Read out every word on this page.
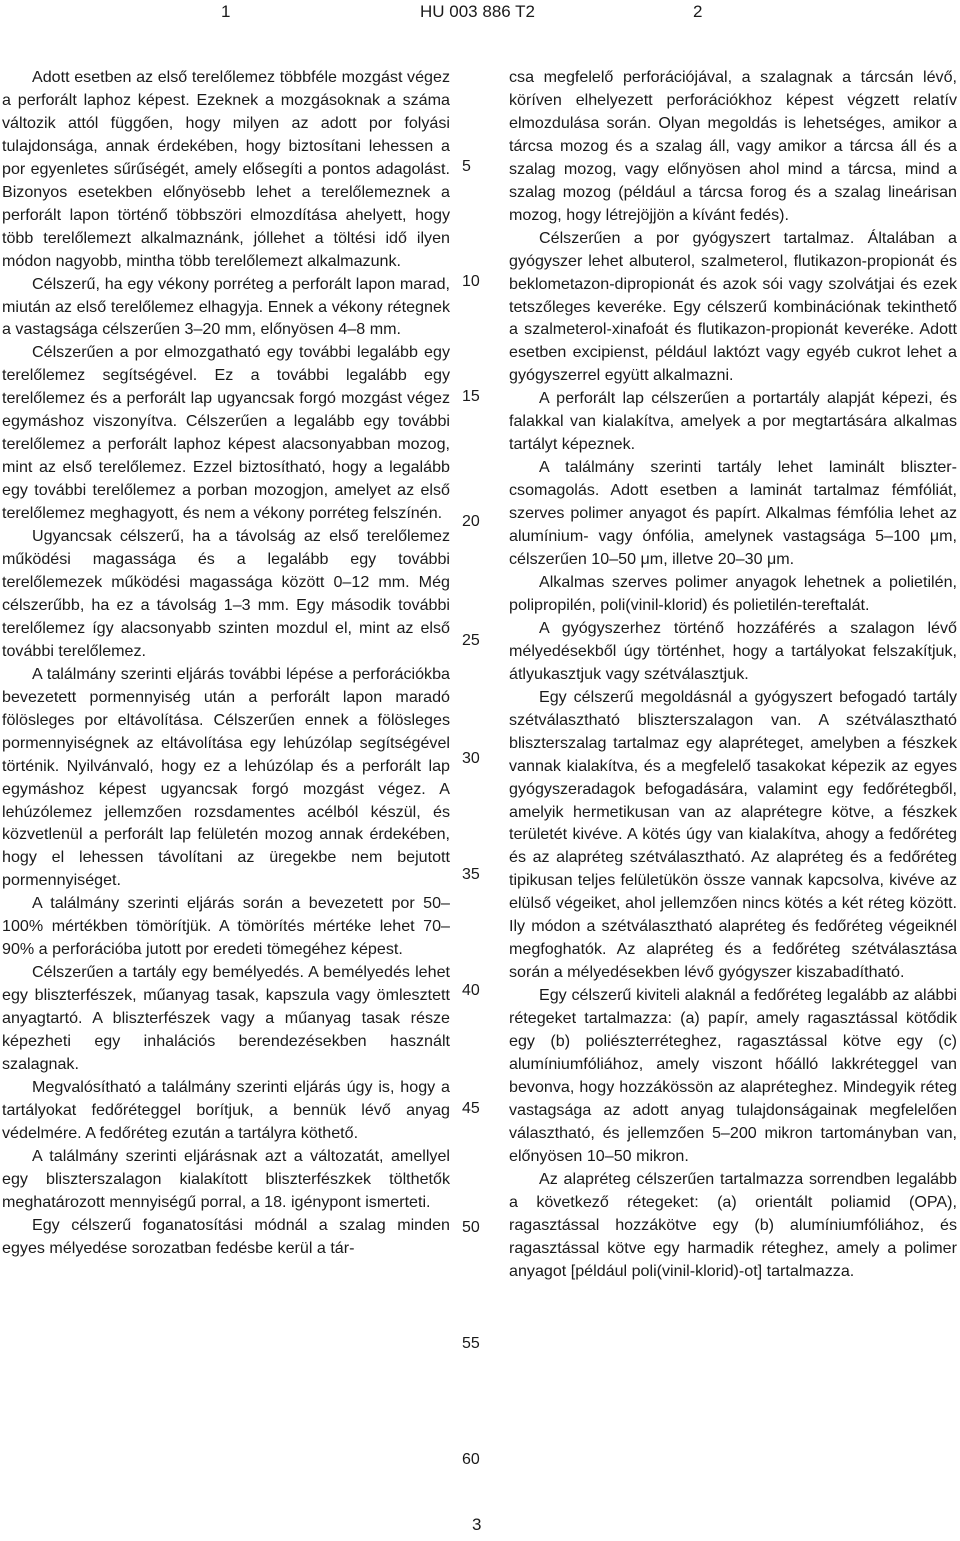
1	HU 003 886 T2	2

Adott esetben az első terelőlemez többféle mozgást végez a perforált laphoz képest. Ezeknek a mozgásoknak a száma változik attól függően, hogy milyen az adott por folyási tulajdonsága, annak érdekében, hogy biztosítani lehessen a por egyenletes sűrűségét, amely elősegíti a pontos adagolást. Bizonyos esetekben előnyösebb lehet a terelőlemeznek a perforált lapon történő többszöri elmozdítása ahelyett, hogy több terelőlemezt alkalmaznánk, jóllehet a töltési idő ilyen módon nagyobb, mintha több terelőlemezt alkalmazunk.

Célszerű, ha egy vékony porréteg a perforált lapon marad, miután az első terelőlemez elhagyja. Ennek a vékony rétegnek a vastagsága célszerűen 3–20 mm, előnyösen 4–8 mm.

Célszerűen a por elmozgatható egy további legalább egy terelőlemez segítségével. Ez a további legalább egy terelőlemez és a perforált lap ugyancsak forgó mozgást végez egymáshoz viszonyítva. Célszerűen a legalább egy további terelőlemez a perforált laphoz képest alacsonyabban mozog, mint az első terelőlemez. Ezzel biztosítható, hogy a legalább egy további terelőlemez a porban mozogjon, amelyet az első terelőlemez meghagyott, és nem a vékony porréteg felszínén.

Ugyancsak célszerű, ha a távolság az első terelőlemez működési magassága és a legalább egy további terelőlemezek működési magassága között 0–12 mm. Még célszerűbb, ha ez a távolság 1–3 mm. Egy második további terelőlemez így alacsonyabb szinten mozdul el, mint az első további terelőlemez.

A találmány szerinti eljárás további lépése a perforációkba bevezetett pormennyiség után a perforált lapon maradó fölösleges por eltávolítása. Célszerűen ennek a fölösleges pormennyiségnek az eltávolítása egy lehúzólap segítségével történik. Nyilvánvaló, hogy ez a lehúzólap és a perforált lap egymáshoz képest ugyancsak forgó mozgást végez. A lehúzólemez jellemzően rozsdamentes acélból készül, és közvetlenül a perforált lap felületén mozog annak érdekében, hogy el lehessen távolítani az üregekbe nem bejutott pormennyiséget.

A találmány szerinti eljárás során a bevezetett por 50–100% mértékben tömörítjük. A tömörítés mértéke lehet 70–90% a perforációba jutott por eredeti tömegéhez képest.

Célszerűen a tartály egy bemélyedés. A bemélyedés lehet egy bliszterfészek, műanyag tasak, kapszula vagy ömlesztett anyagtartó. A bliszterfészek vagy a műanyag tasak része képezheti egy inhalációs berendezésekben használt szalagnak.

Megvalósítható a találmány szerinti eljárás úgy is, hogy a tartályokat fedőréteggel borítjuk, a bennük lévő anyag védelmére. A fedőréteg ezután a tartályra köthető.

A találmány szerinti eljárásnak azt a változatát, amellyel egy bliszterszalagon kialakított bliszterfészkek tölthetők meghatározott mennyiségű porral, a 18. igénypont ismerteti.

Egy célszerű foganatosítási módnál a szalag minden egyes mélyedése sorozatban fedésbe kerül a tár-

5
10
15
20
25
30
35
40
45
50
55
60

csa megfelelő perforációjával, a szalagnak a tárcsán lévő, köríven elhelyezett perforációkhoz képest végzett relatív elmozdulása során. Olyan megoldás is lehetséges, amikor a tárcsa mozog és a szalag áll, vagy amikor a tárcsa áll és a szalag mozog, vagy előnyösen ahol mind a tárcsa, mind a szalag mozog (például a tárcsa forog és a szalag lineárisan mozog, hogy létrejöjjön a kívánt fedés).

Célszerűen a por gyógyszert tartalmaz. Általában a gyógyszer lehet albuterol, szalmeterol, flutikazon-propionát és beklometazon-dipropionát és azok sói vagy szolvátjai és ezek tetszőleges keveréke. Egy célszerű kombinációnak tekinthető a szalmeterol-xinafoát és flutikazon-propionát keveréke. Adott esetben excipienst, például laktózt vagy egyéb cukrot lehet a gyógyszerrel együtt alkalmazni.

A perforált lap célszerűen a portartály alapját képezi, és falakkal van kialakítva, amelyek a por megtartására alkalmas tartályt képeznek.

A találmány szerinti tartály lehet laminált bliszter-csomagolás. Adott esetben a laminát tartalmaz fémfóliát, szerves polimer anyagot és papírt. Alkalmas fémfólia lehet az alumínium- vagy ónfólia, amelynek vastagsága 5–100 μm, célszerűen 10–50 μm, illetve 20–30 μm.

Alkalmas szerves polimer anyagok lehetnek a polietilén, polipropilén, poli(vinil-klorid) és polietilén-tereftalát.

A gyógyszerhez történő hozzáférés a szalagon lévő mélyedésekből úgy történhet, hogy a tartályokat felszakítjuk, átlyukasztjuk vagy szétválasztjuk.

Egy célszerű megoldásnál a gyógyszert befogadó tartály szétválasztható bliszterszalagon van. A szétválasztható bliszterszalag tartalmaz egy alapréteget, amelyben a fészkek vannak kialakítva, és a megfelelő tasakokat képezik az egyes gyógyszeradagok befogadására, valamint egy fedőrétegből, amelyik hermetikusan van az alaprétegre kötve, a fészkek területét kivéve. A kötés úgy van kialakítva, ahogy a fedőréteg és az alapréteg szétválasztható. Az alapréteg és a fedőréteg tipikusan teljes felületükön össze vannak kapcsolva, kivéve az elülső végeiket, ahol jellemzően nincs kötés a két réteg között. Ily módon a szétválasztható alapréteg és fedőréteg végeiknél megfoghatók. Az alapréteg és a fedőréteg szétválasztása során a mélyedésekben lévő gyógyszer kiszabadítható.

Egy célszerű kiviteli alaknál a fedőréteg legalább az alábbi rétegeket tartalmazza: (a) papír, amely ragasztással kötődik egy (b) poliészterréteghez, ragasztással kötve egy (c) alumíniumfóliához, amely viszont hőálló lakkréteggel van bevonva, hogy hozzákössön az alapréteghez. Mindegyik réteg vastagsága az adott anyag tulajdonságainak megfelelően választható, és jellemzően 5–200 mikron tartományban van, előnyösen 10–50 mikron.

Az alapréteg célszerűen tartalmazza sorrendben legalább a következő rétegeket: (a) orientált poliamid (OPA), ragasztással hozzákötve egy (b) alumíniumfóliához, és ragasztással kötve egy harmadik réteghez, amely a polimer anyagot [például poli(vinil-klorid)-ot] tartalmazza.

3
